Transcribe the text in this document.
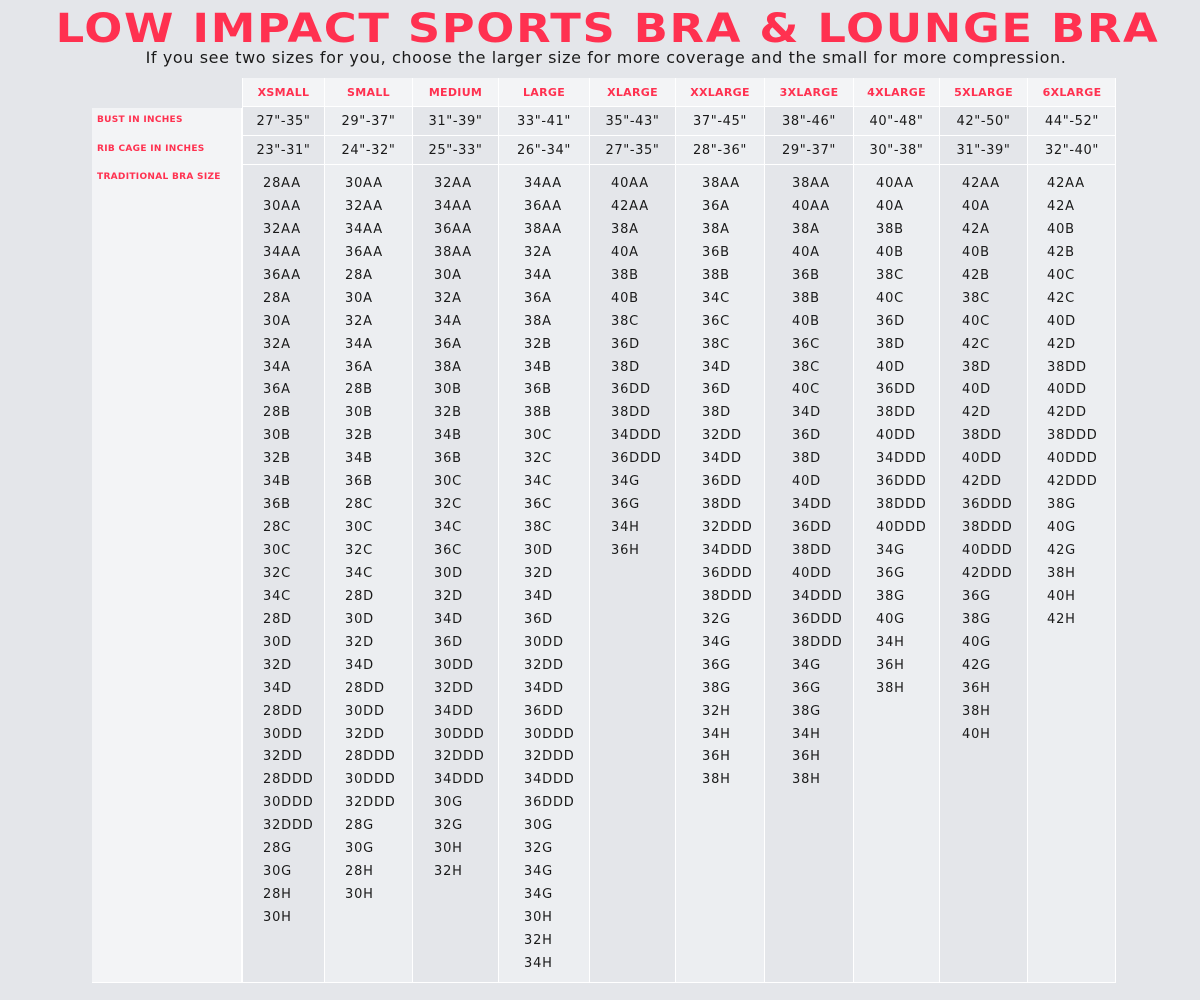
LOW IMPACT SPORTS BRA & LOUNGE BRA
If you see two sizes for you, choose the larger size for more coverage and the small for more compression.
BUST IN INCHES
RIB CAGE IN INCHES
TRADITIONAL BRA SIZE
XSMALL
27"-35"
23"-31"
28AA
30AA
32AA
34AA
36AA
28A
30A
32A
34A
36A
28B
30B
32B
34B
36B
28C
30C
32C
34C
28D
30D
32D
34D
28DD
30DD
32DD
28DDD
30DDD
32DDD
28G
30G
28H
30H
SMALL
29"-37"
24"-32"
30AA
32AA
34AA
36AA
28A
30A
32A
34A
36A
28B
30B
32B
34B
36B
28C
30C
32C
34C
28D
30D
32D
34D
28DD
30DD
32DD
28DDD
30DDD
32DDD
28G
30G
28H
30H
MEDIUM
31"-39"
25"-33"
32AA
34AA
36AA
38AA
30A
32A
34A
36A
38A
30B
32B
34B
36B
30C
32C
34C
36C
30D
32D
34D
36D
30DD
32DD
34DD
30DDD
32DDD
34DDD
30G
32G
30H
32H
LARGE
33"-41"
26"-34"
34AA
36AA
38AA
32A
34A
36A
38A
32B
34B
36B
38B
30C
32C
34C
36C
38C
30D
32D
34D
36D
30DD
32DD
34DD
36DD
30DDD
32DDD
34DDD
36DDD
30G
32G
34G
34G
30H
32H
34H
XLARGE
35"-43"
27"-35"
40AA
42AA
38A
40A
38B
40B
38C
36D
38D
36DD
38DD
34DDD
36DDD
34G
36G
34H
36H
XXLARGE
37"-45"
28"-36"
38AA
36A
38A
36B
38B
34C
36C
38C
34D
36D
38D
32DD
34DD
36DD
38DD
32DDD
34DDD
36DDD
38DDD
32G
34G
36G
38G
32H
34H
36H
38H
3XLARGE
38"-46"
29"-37"
38AA
40AA
38A
40A
36B
38B
40B
36C
38C
40C
34D
36D
38D
40D
34DD
36DD
38DD
40DD
34DDD
36DDD
38DDD
34G
36G
38G
34H
36H
38H
4XLARGE
40"-48"
30"-38"
40AA
40A
38B
40B
38C
40C
36D
38D
40D
36DD
38DD
40DD
34DDD
36DDD
38DDD
40DDD
34G
36G
38G
40G
34H
36H
38H
5XLARGE
42"-50"
31"-39"
42AA
40A
42A
40B
42B
38C
40C
42C
38D
40D
42D
38DD
40DD
42DD
36DDD
38DDD
40DDD
42DDD
36G
38G
40G
42G
36H
38H
40H
6XLARGE
44"-52"
32"-40"
42AA
42A
40B
42B
40C
42C
40D
42D
38DD
40DD
42DD
38DDD
40DDD
42DDD
38G
40G
42G
38H
40H
42H
